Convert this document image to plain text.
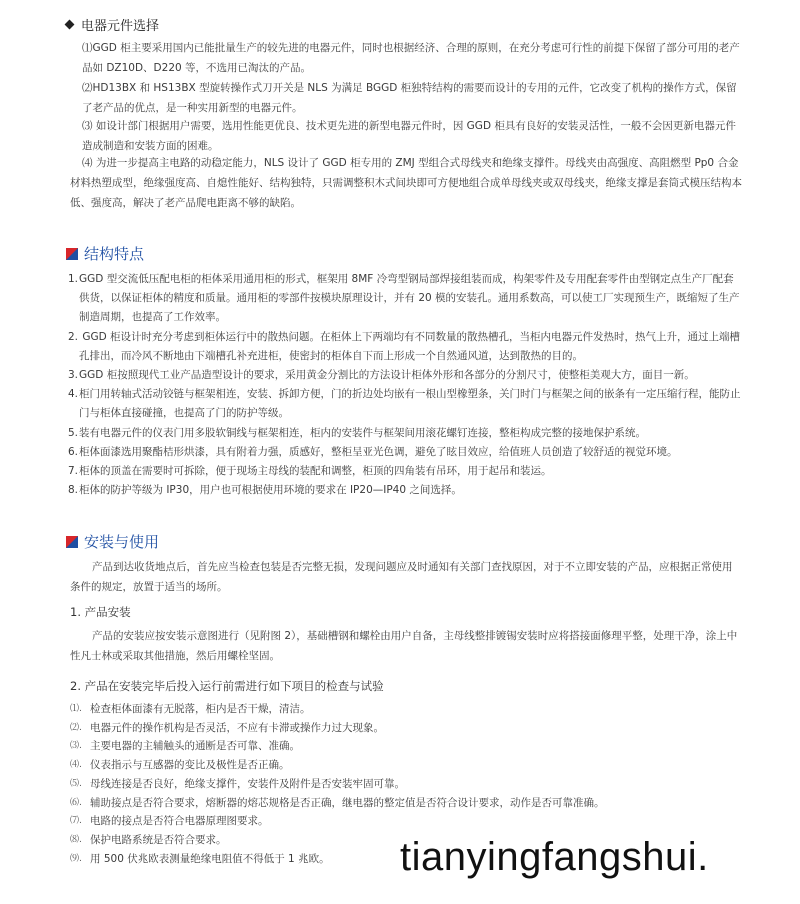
电器元件选择
⑴GGD 柜主要采用国内已能批量生产的较先进的电器元件，同时也根据经济、合理的原则，在充分考虑可行性的前提下保留了部分可用的老产品如 DZ10D、D220 等，不选用已淘汰的产品。
⑵HD13BX 和 HS13BX 型旋转操作式刀开关是 NLS 为满足 BGGD 柜独特结构的需要而设计的专用的元件，它改变了机构的操作方式，保留了老产品的优点，是一种实用新型的电器元件。
⑶ 如设计部门根据用户需要，选用性能更优良、技术更先进的新型电器元件时，因 GGD 柜具有良好的安装灵活性，一般不会因更新电器元件造成制造和安装方面的困难。
⑷ 为进一步提高主电路的动稳定能力，NLS 设计了 GGD 柜专用的 ZMJ 型组合式母线夹和绝缘支撑件。母线夹由高强度、高阻燃型 Pp0 合金材料热塑成型，绝缘强度高、自熄性能好、结构独特，只需调整积木式间块即可方便地组合成单母线夹或双母线夹，绝缘支撑是套筒式模压结构本低、强度高，解决了老产品爬电距离不够的缺陷。
结构特点
1.GGD 型交流低压配电柜的柜体采用通用柜的形式，框架用 8MF 冷弯型钢局部焊接组装而成，构架零件及专用配套零件由型钢定点生产厂配套供货，以保证柜体的精度和质量。通用柜的零部件按模块原理设计，并有 20 模的安装孔。通用系数高，可以使工厂实现预生产，既缩短了生产制造周期，也提高了工作效率。
2. GGD 柜设计时充分考虑到柜体运行中的散热问题。在柜体上下两端均有不同数量的散热槽孔，当柜内电器元件发热时，热气上升，通过上端槽孔排出，而冷风不断地由下端槽孔补充进柜，使密封的柜体自下而上形成一个自然通风道，达到散热的目的。
3.GGD 柜按照现代工业产品造型设计的要求，采用黄金分割比的方法设计柜体外形和各部分的分割尺寸，使整柜美观大方，面目一新。
4.柜门用转轴式活动铰链与框架相连，安装、拆卸方便，门的折边处均嵌有一根山型橡塑条，关门时门与框架之间的嵌条有一定压缩行程，能防止门与柜体直接碰撞，也提高了门的防护等级。
5.装有电器元件的仪表门用多股软铜线与框架相连，柜内的安装件与框架间用滚花螺钉连接，整柜构成完整的接地保护系统。
6.柜体面漆选用聚酯桔形烘漆，具有附着力强，质感好，整柜呈亚光色调，避免了眩目效应，给值班人员创造了较舒适的视觉环境。
7.柜体的顶盖在需要时可拆除，便于现场主母线的装配和调整，柜顶的四角装有吊环，用于起吊和装运。
8.柜体的防护等级为 IP30，用户也可根据使用环境的要求在 IP20—IP40 之间选择。
安装与使用
产品到达收货地点后，首先应当检查包装是否完整无损，发现问题应及时通知有关部门查找原因，对于不立即安装的产品，应根据正常使用条件的规定，放置于适当的场所。
1. 产品安装
产品的安装应按安装示意图进行（见附图 2），基础槽钢和螺栓由用户自备，主母线整排镀锡安装时应将搭接面修理平整，处理干净，涂上中性凡士林或采取其他措施，然后用螺栓坚固。
2. 产品在安装完毕后投入运行前需进行如下项目的检查与试验
⑴. 检查柜体面漆有无脱落，柜内是否干燥，清洁。
⑵. 电器元件的操作机构是否灵活，不应有卡滞或操作力过大现象。
⑶. 主要电器的主辅触头的通断是否可靠、准确。
⑷. 仪表指示与互感器的变比及极性是否正确。
⑸. 母线连接是否良好，绝缘支撑件，安装件及附件是否安装牢固可靠。
⑹. 辅助接点是否符合要求，熔断器的熔芯规格是否正确，继电器的整定值是否符合设计要求，动作是否可靠准确。
⑺. 电路的接点是否符合电器原理图要求。
⑻. 保护电路系统是否符合要求。
⑼. 用 500 伏兆欧表测量绝缘电阻值不得低于 1 兆欧。 tianyingfangshui.
